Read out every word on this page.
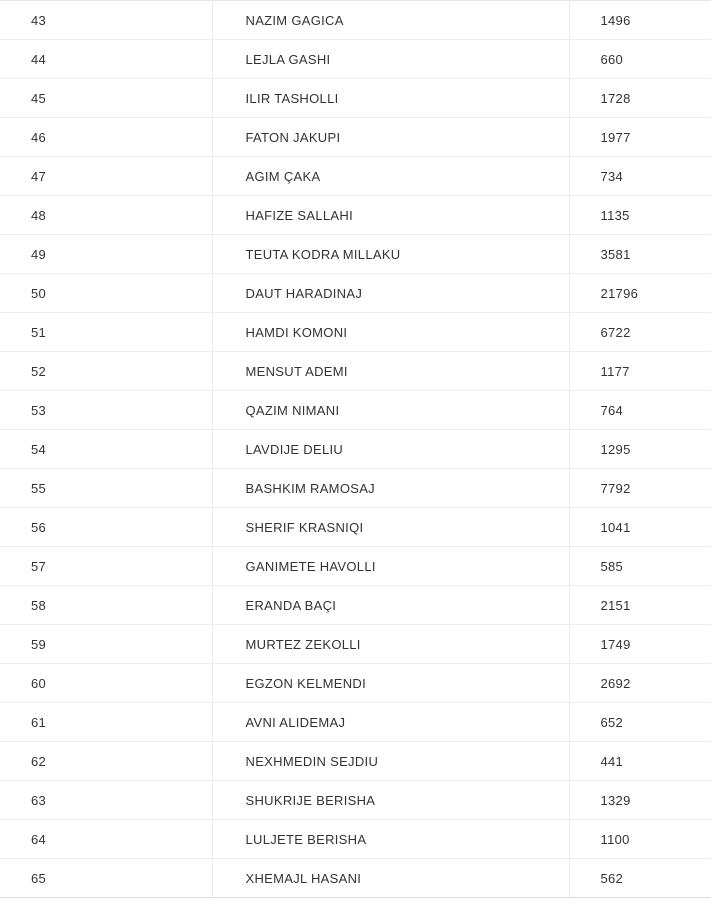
43	NAZIM GAGICA	1496
44	LEJLA GASHI	660
45	ILIR TASHOLLI	1728
46	FATON JAKUPI	1977
47	AGIM ÇAKA	734
48	HAFIZE SALLAHI	1135
49	TEUTA KODRA MILLAKU	3581
50	DAUT HARADINAJ	21796
51	HAMDI KOMONI	6722
52	MENSUT ADEMI	1177
53	QAZIM NIMANI	764
54	LAVDIJE DELIU	1295
55	BASHKIM RAMOSAJ	7792
56	SHERIF KRASNIQI	1041
57	GANIMETE HAVOLLI	585
58	ERANDA BAÇI	2151
59	MURTEZ ZEKOLLI	1749
60	EGZON KELMENDI	2692
61	AVNI ALIDEMAJ	652
62	NEXHMEDIN SEJDIU	441
63	SHUKRIJE BERISHA	1329
64	LULJETE BERISHA	1100
65	XHEMAJL HASANI	562
